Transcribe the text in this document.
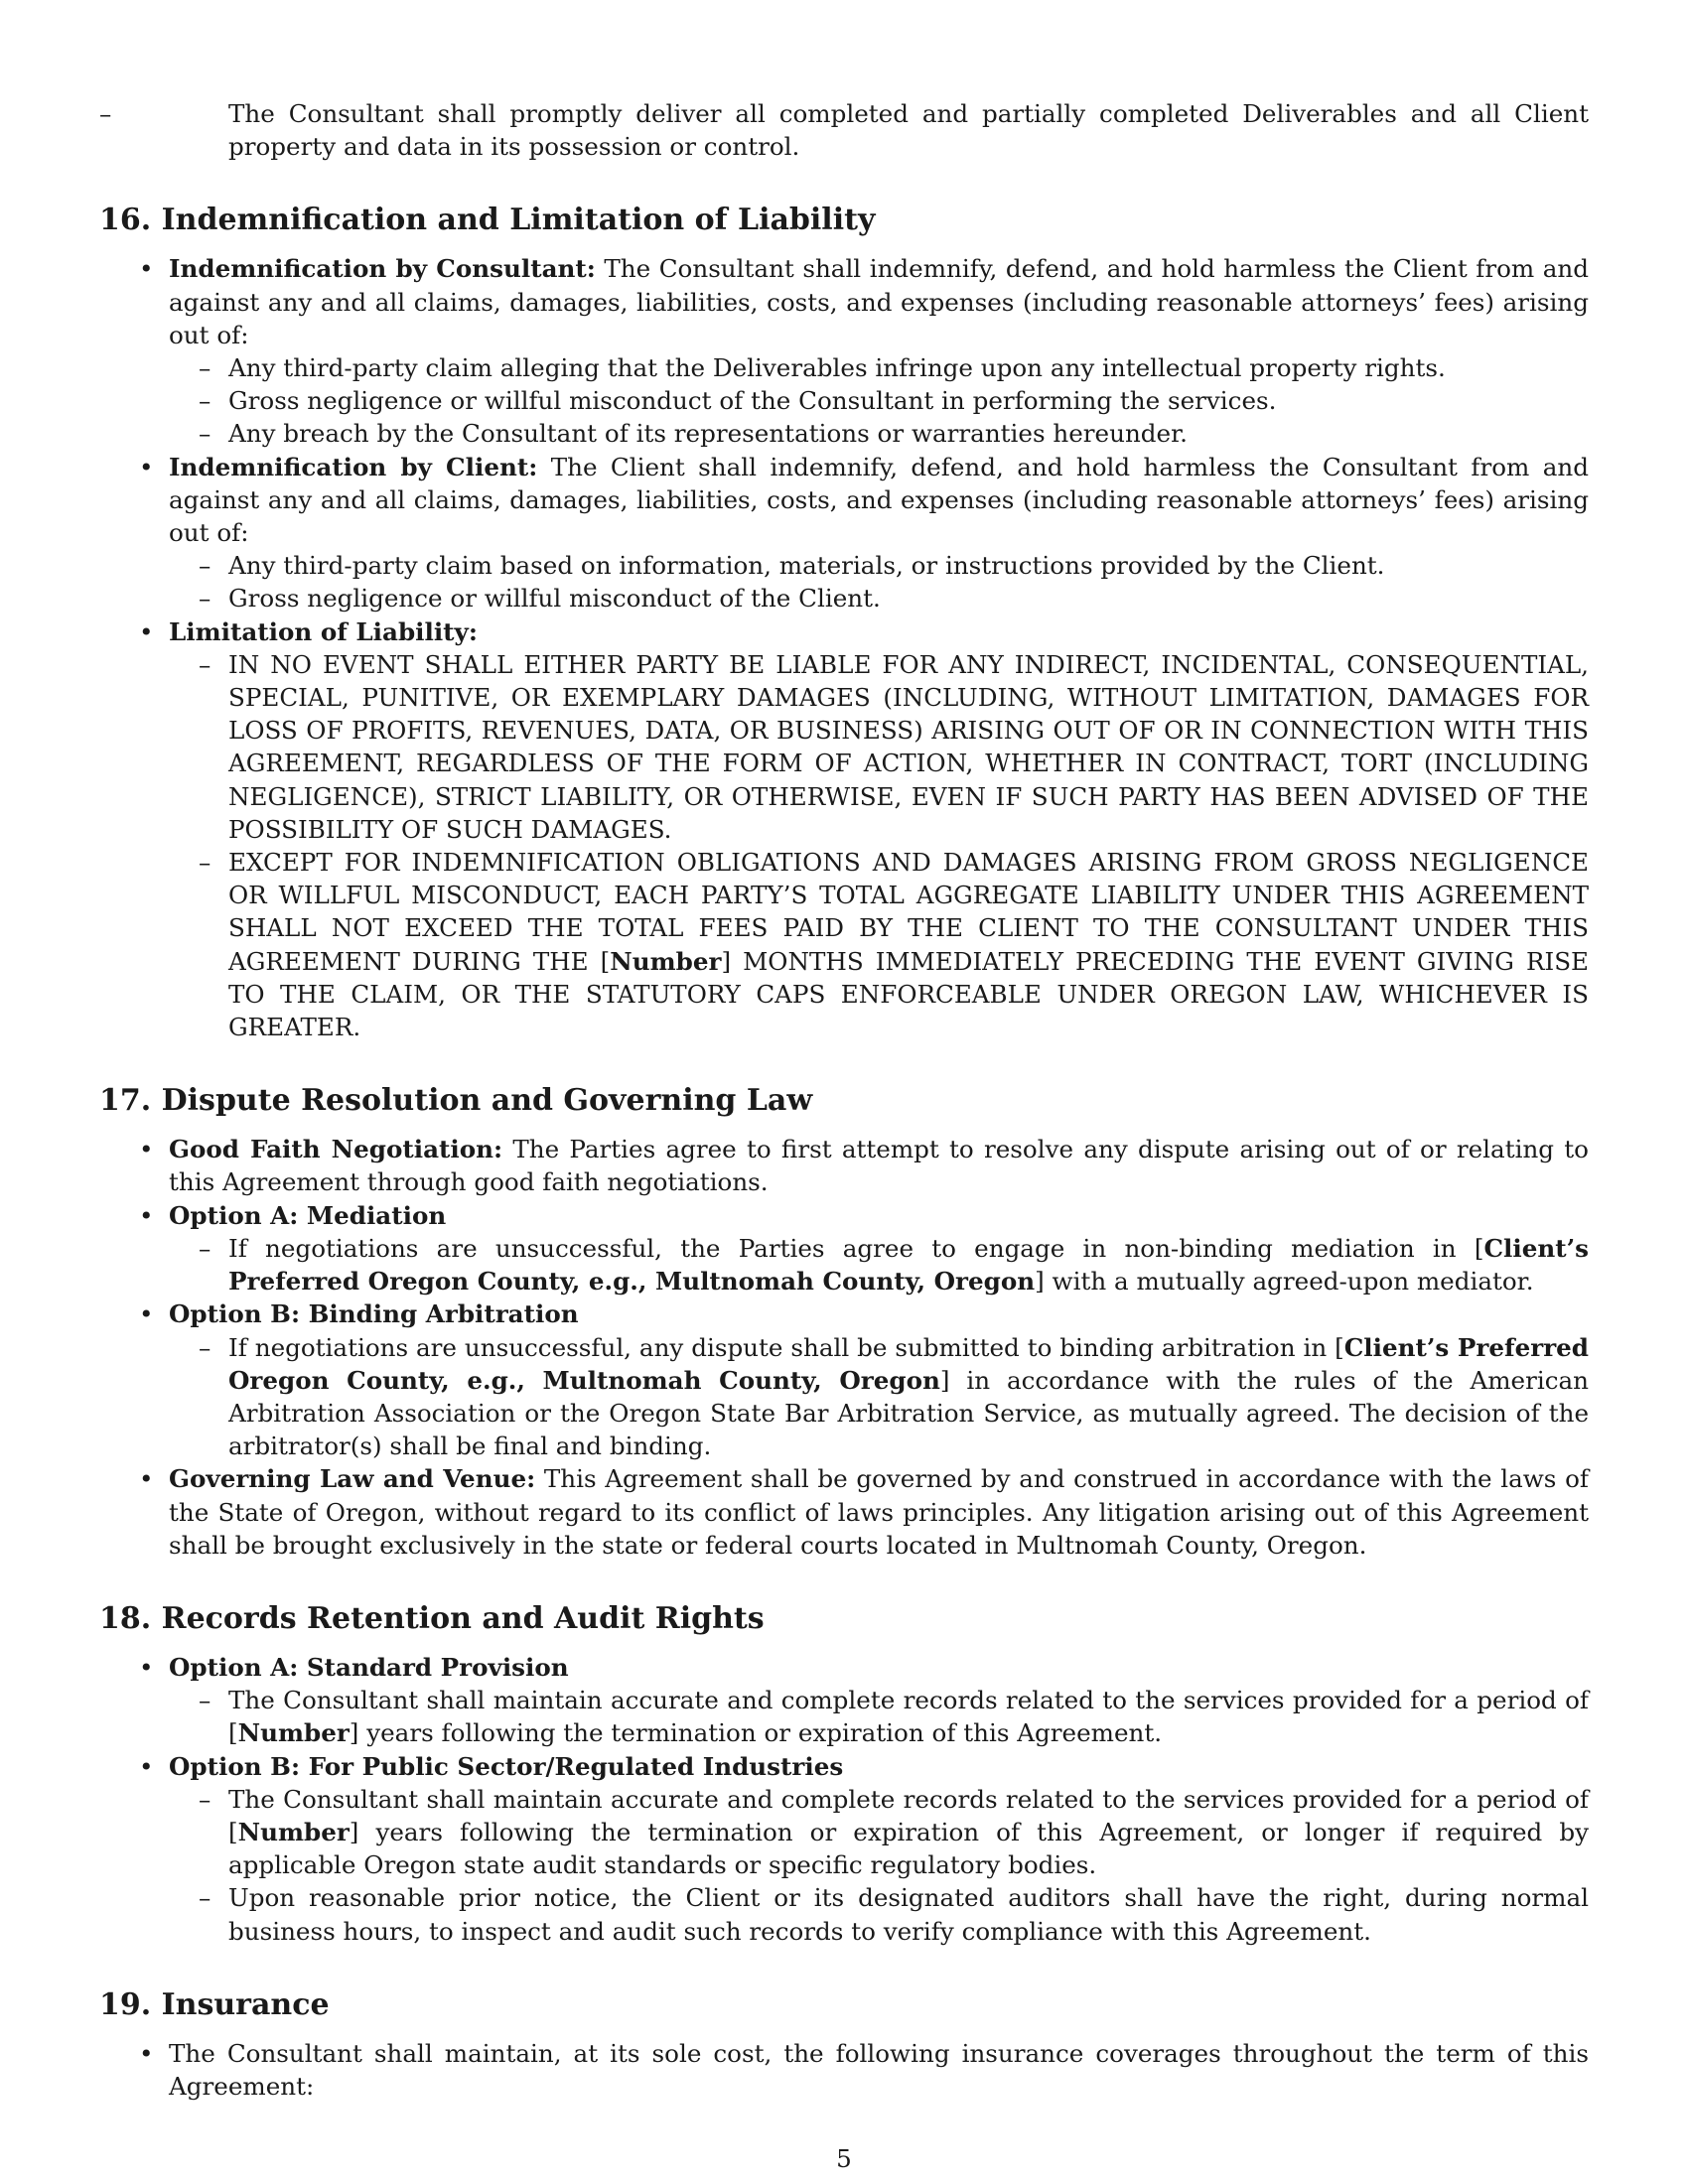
– The Consultant shall promptly deliver all completed and partially completed Deliverables and all Client property and data in its possession or control.
16. Indemnification and Limitation of Liability
• Indemnification by Consultant: The Consultant shall indemnify, defend, and hold harmless the Client from and against any and all claims, damages, liabilities, costs, and expenses (including reasonable attorneys’ fees) arising out of:
– Any third-party claim alleging that the Deliverables infringe upon any intellectual property rights.
– Gross negligence or willful misconduct of the Consultant in performing the services.
– Any breach by the Consultant of its representations or warranties hereunder.
• Indemnification by Client: The Client shall indemnify, defend, and hold harmless the Consultant from and against any and all claims, damages, liabilities, costs, and expenses (including reasonable attorneys’ fees) arising out of:
– Any third-party claim based on information, materials, or instructions provided by the Client.
– Gross negligence or willful misconduct of the Client.
• Limitation of Liability:
– IN NO EVENT SHALL EITHER PARTY BE LIABLE FOR ANY INDIRECT, INCIDENTAL, CONSEQUENTIAL, SPECIAL, PUNITIVE, OR EXEMPLARY DAMAGES (INCLUDING, WITHOUT LIMITATION, DAMAGES FOR LOSS OF PROFITS, REVENUES, DATA, OR BUSINESS) ARISING OUT OF OR IN CONNECTION WITH THIS AGREEMENT, REGARDLESS OF THE FORM OF ACTION, WHETHER IN CONTRACT, TORT (INCLUDING NEGLIGENCE), STRICT LIABILITY, OR OTHERWISE, EVEN IF SUCH PARTY HAS BEEN ADVISED OF THE POSSIBILITY OF SUCH DAMAGES.
– EXCEPT FOR INDEMNIFICATION OBLIGATIONS AND DAMAGES ARISING FROM GROSS NEGLIGENCE OR WILLFUL MISCONDUCT, EACH PARTY’S TOTAL AGGREGATE LIABILITY UNDER THIS AGREEMENT SHALL NOT EXCEED THE TOTAL FEES PAID BY THE CLIENT TO THE CONSULTANT UNDER THIS AGREEMENT DURING THE [Number] MONTHS IMMEDIATELY PRECEDING THE EVENT GIVING RISE TO THE CLAIM, OR THE STATUTORY CAPS ENFORCEABLE UNDER OREGON LAW, WHICHEVER IS GREATER.
17. Dispute Resolution and Governing Law
• Good Faith Negotiation: The Parties agree to first attempt to resolve any dispute arising out of or relating to this Agreement through good faith negotiations.
• Option A: Mediation
– If negotiations are unsuccessful, the Parties agree to engage in non-binding mediation in [Client’s Preferred Oregon County, e.g., Multnomah County, Oregon] with a mutually agreed-upon mediator.
• Option B: Binding Arbitration
– If negotiations are unsuccessful, any dispute shall be submitted to binding arbitration in [Client’s Preferred Oregon County, e.g., Multnomah County, Oregon] in accordance with the rules of the American Arbitration Association or the Oregon State Bar Arbitration Service, as mutually agreed. The decision of the arbitrator(s) shall be final and binding.
• Governing Law and Venue: This Agreement shall be governed by and construed in accordance with the laws of the State of Oregon, without regard to its conflict of laws principles. Any litigation arising out of this Agreement shall be brought exclusively in the state or federal courts located in Multnomah County, Oregon.
18. Records Retention and Audit Rights
• Option A: Standard Provision
– The Consultant shall maintain accurate and complete records related to the services provided for a period of [Number] years following the termination or expiration of this Agreement.
• Option B: For Public Sector/Regulated Industries
– The Consultant shall maintain accurate and complete records related to the services provided for a period of [Number] years following the termination or expiration of this Agreement, or longer if required by applicable Oregon state audit standards or specific regulatory bodies.
– Upon reasonable prior notice, the Client or its designated auditors shall have the right, during normal business hours, to inspect and audit such records to verify compliance with this Agreement.
19. Insurance
• The Consultant shall maintain, at its sole cost, the following insurance coverages throughout the term of this Agreement:
5
